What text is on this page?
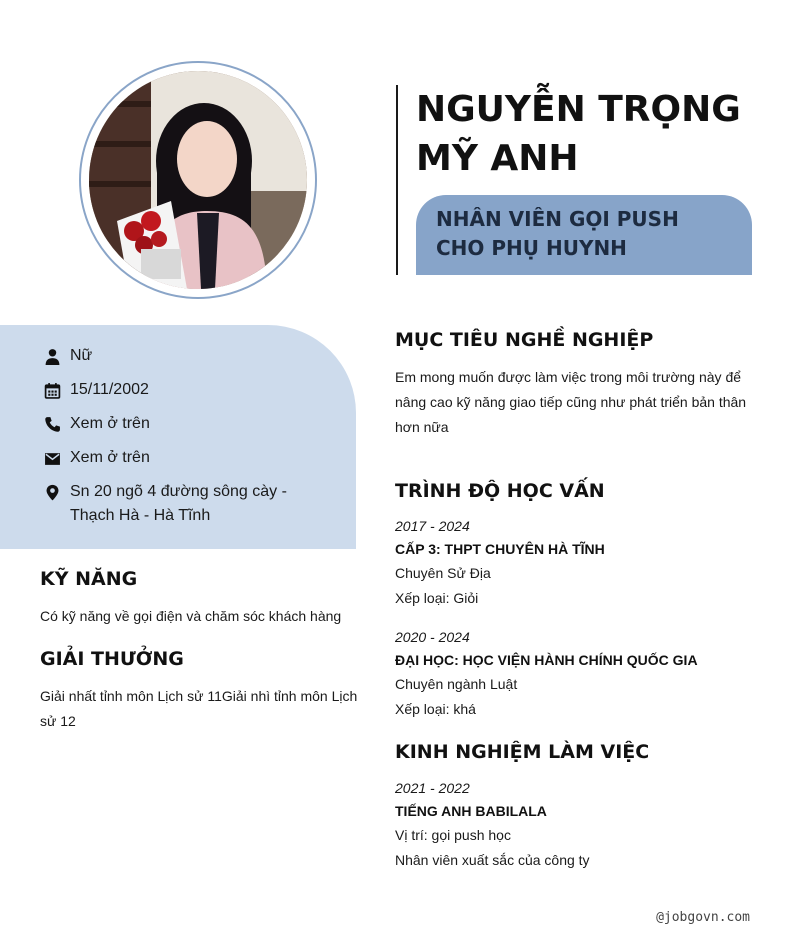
NGUYỄN TRỌNG
MỸ ANH
NHÂN VIÊN GỌI PUSH CHO PHỤ HUYNH
Nữ
15/11/2002
Xem ở trên
Xem ở trên
Sn 20 ngõ 4 đường sông cày -
Thạch Hà - Hà Tĩnh
KỸ NĂNG
Có kỹ năng về gọi điện và chăm sóc khách hàng
GIẢI THƯỞNG
Giải nhất tỉnh môn Lịch sử 11Giải nhì tỉnh môn Lịch
sử 12
MỤC TIÊU NGHỀ NGHIỆP
Em mong muốn được làm việc trong môi trường này để
nâng cao kỹ năng giao tiếp cũng như phát triển bản thân
hơn nữa
TRÌNH ĐỘ HỌC VẤN
2017 - 2024
CẤP 3: THPT CHUYÊN HÀ TĨNH
Chuyên Sử Địa
Xếp loại: Giỏi
2020 - 2024
ĐẠI HỌC: HỌC VIỆN HÀNH CHÍNH QUỐC GIA
Chuyên ngành Luật
Xếp loại: khá
KINH NGHIỆM LÀM VIỆC
2021 - 2022
TIẾNG ANH BABILALA
Vị trí: gọi push học
Nhân viên xuất sắc của công ty
@jobgovn.com
